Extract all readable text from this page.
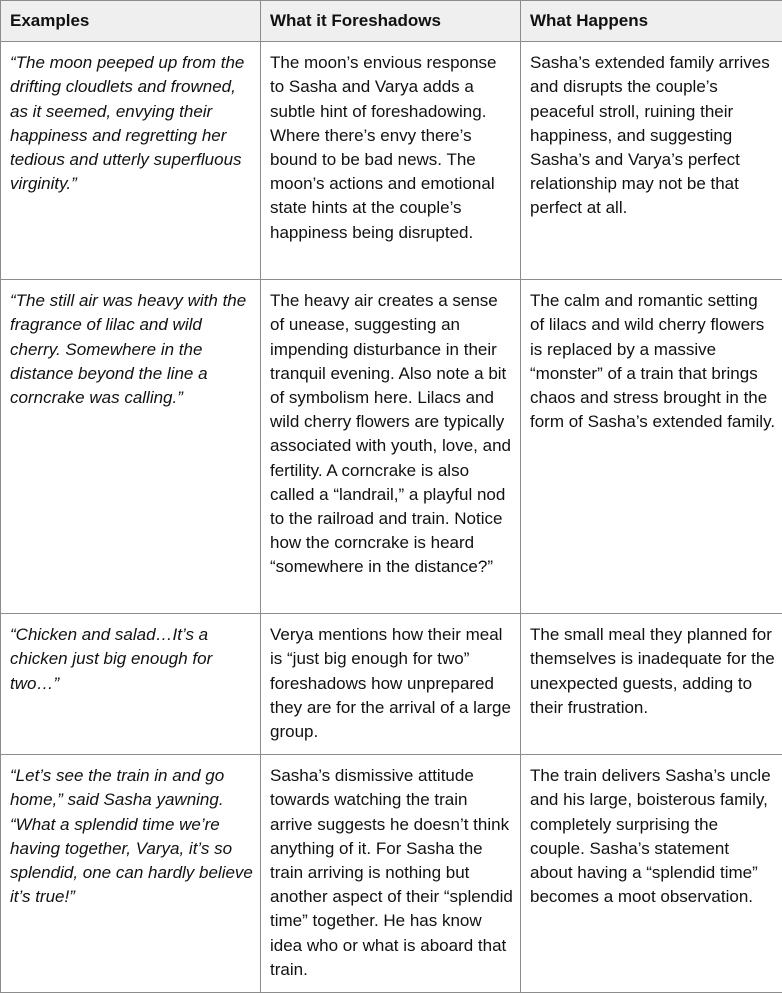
Examples	What it Foreshadows	What Happens
“The moon peeped up from the drifting cloudlets and frowned, as it seemed, envying their happiness and regretting her tedious and utterly superfluous virginity.”	The moon’s envious response to Sasha and Varya adds a subtle hint of foreshadowing. Where there’s envy there’s bound to be bad news. The moon’s actions and emotional state hints at the couple’s happiness being disrupted.	Sasha’s extended family arrives and disrupts the couple’s peaceful stroll, ruining their happiness, and suggesting Sasha’s and Varya’s perfect relationship may not be that perfect at all.
“The still air was heavy with the fragrance of lilac and wild cherry. Somewhere in the distance beyond the line a corncrake was calling.”	The heavy air creates a sense of unease, suggesting an impending disturbance in their tranquil evening. Also note a bit of symbolism here. Lilacs and wild cherry flowers are typically associated with youth, love, and fertility. A corncrake is also called a “landrail,” a playful nod to the railroad and train. Notice how the corncrake is heard “somewhere in the distance?”	The calm and romantic setting of lilacs and wild cherry flowers is replaced by a massive “monster” of a train that brings chaos and stress brought in the form of Sasha’s extended family.
“Chicken and salad…It’s a chicken just big enough for two…”	Verya mentions how their meal is “just big enough for two” foreshadows how unprepared they are for the arrival of a large group.	The small meal they planned for themselves is inadequate for the unexpected guests, adding to their frustration.
“Let’s see the train in and go home,” said Sasha yawning. “What a splendid time we’re having together, Varya, it’s so splendid, one can hardly believe it’s true!”	Sasha’s dismissive attitude towards watching the train arrive suggests he doesn’t think anything of it. For Sasha the train arriving is nothing but another aspect of their “splendid time” together. He has know idea who or what is aboard that train.	The train delivers Sasha’s uncle and his large, boisterous family, completely surprising the couple. Sasha’s statement about having a “splendid time” becomes a moot observation.
